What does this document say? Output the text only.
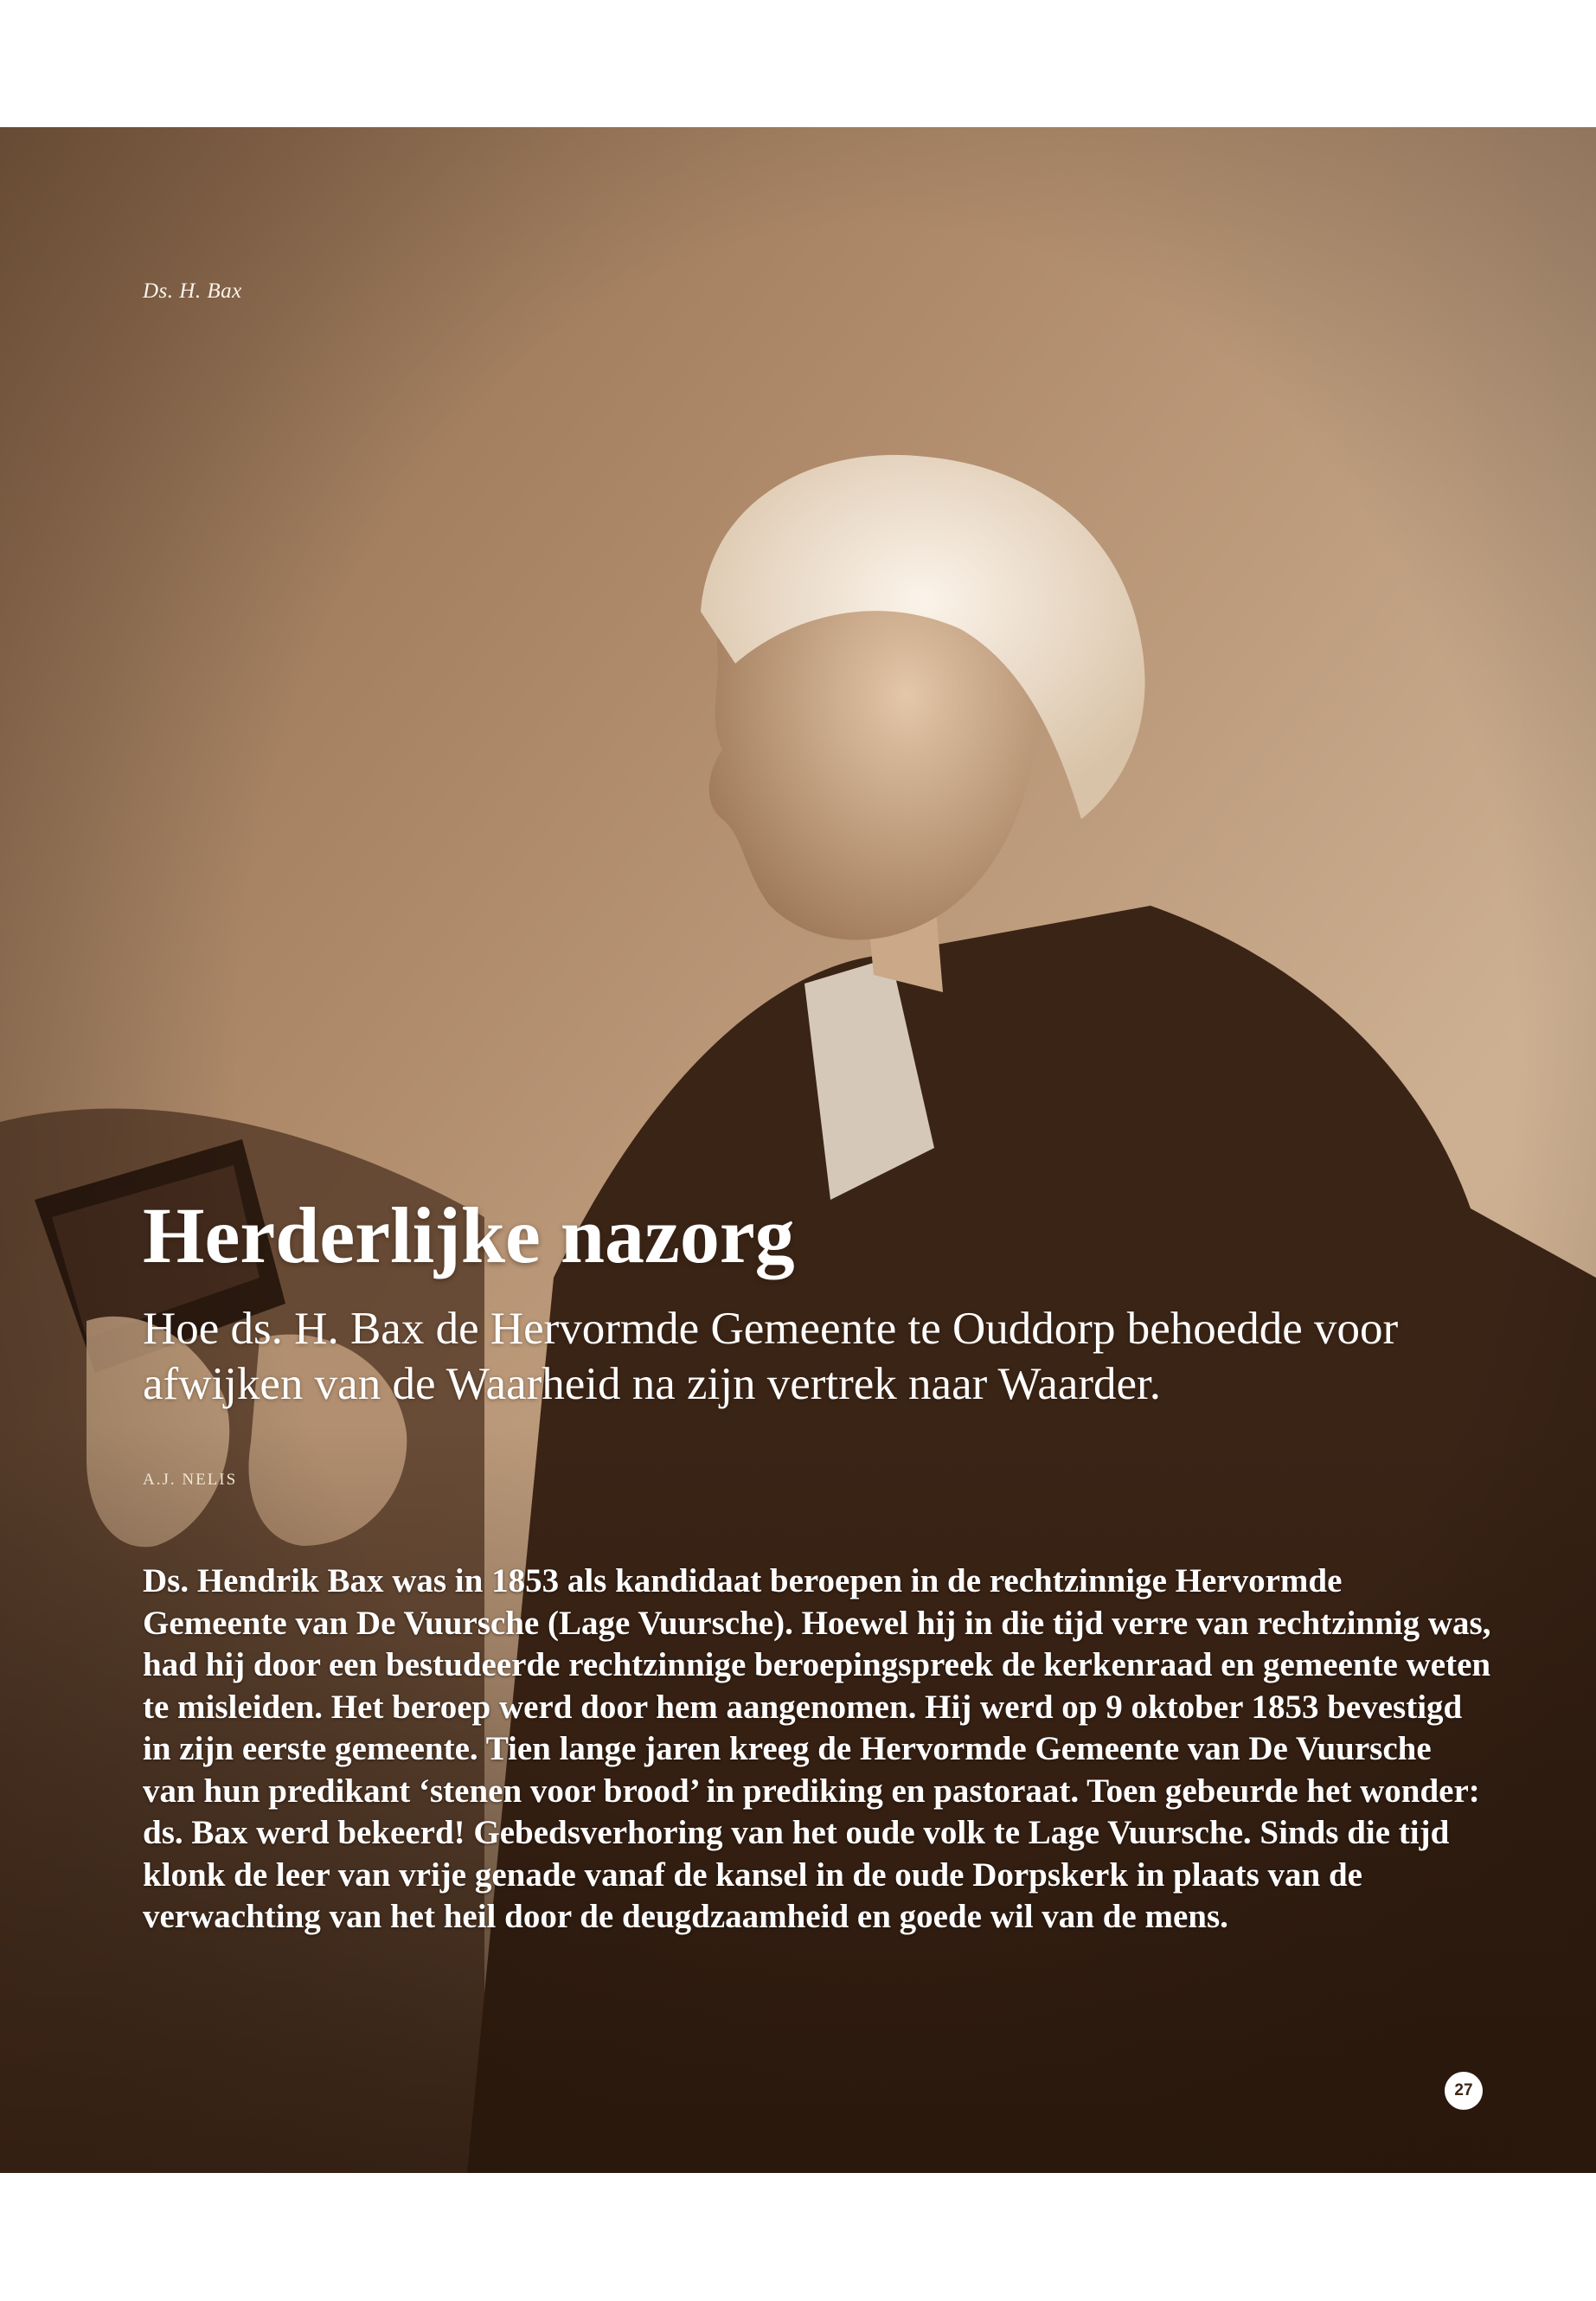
Ds. H. Bax
Herderlijke nazorg

Hoe ds. H. Bax de Hervormde Gemeente te Ouddorp behoedde voor afwijken van de Waarheid na zijn vertrek naar Waarder.

A.J. NELIS

Ds. Hendrik Bax was in 1853 als kandidaat beroepen in de rechtzinnige Hervormde Gemeente van De Vuursche (Lage Vuursche). Hoewel hij in die tijd verre van rechtzinnig was, had hij door een bestudeerde rechtzinnige beroepingspreek de kerkenraad en gemeente weten te misleiden. Het beroep werd door hem aangenomen. Hij werd op 9 oktober 1853 bevestigd in zijn eerste gemeente. Tien lange jaren kreeg de Hervormde Gemeente van De Vuursche van hun predikant ‘stenen voor brood’ in prediking en pastoraat. Toen gebeurde het wonder: ds. Bax werd bekeerd! Gebedsverhoring van het oude volk te Lage Vuursche. Sinds die tijd klonk de leer van vrije genade vanaf de kansel in de oude Dorpskerk in plaats van de verwachting van het heil door de deugdzaamheid en goede wil van de mens.

27
